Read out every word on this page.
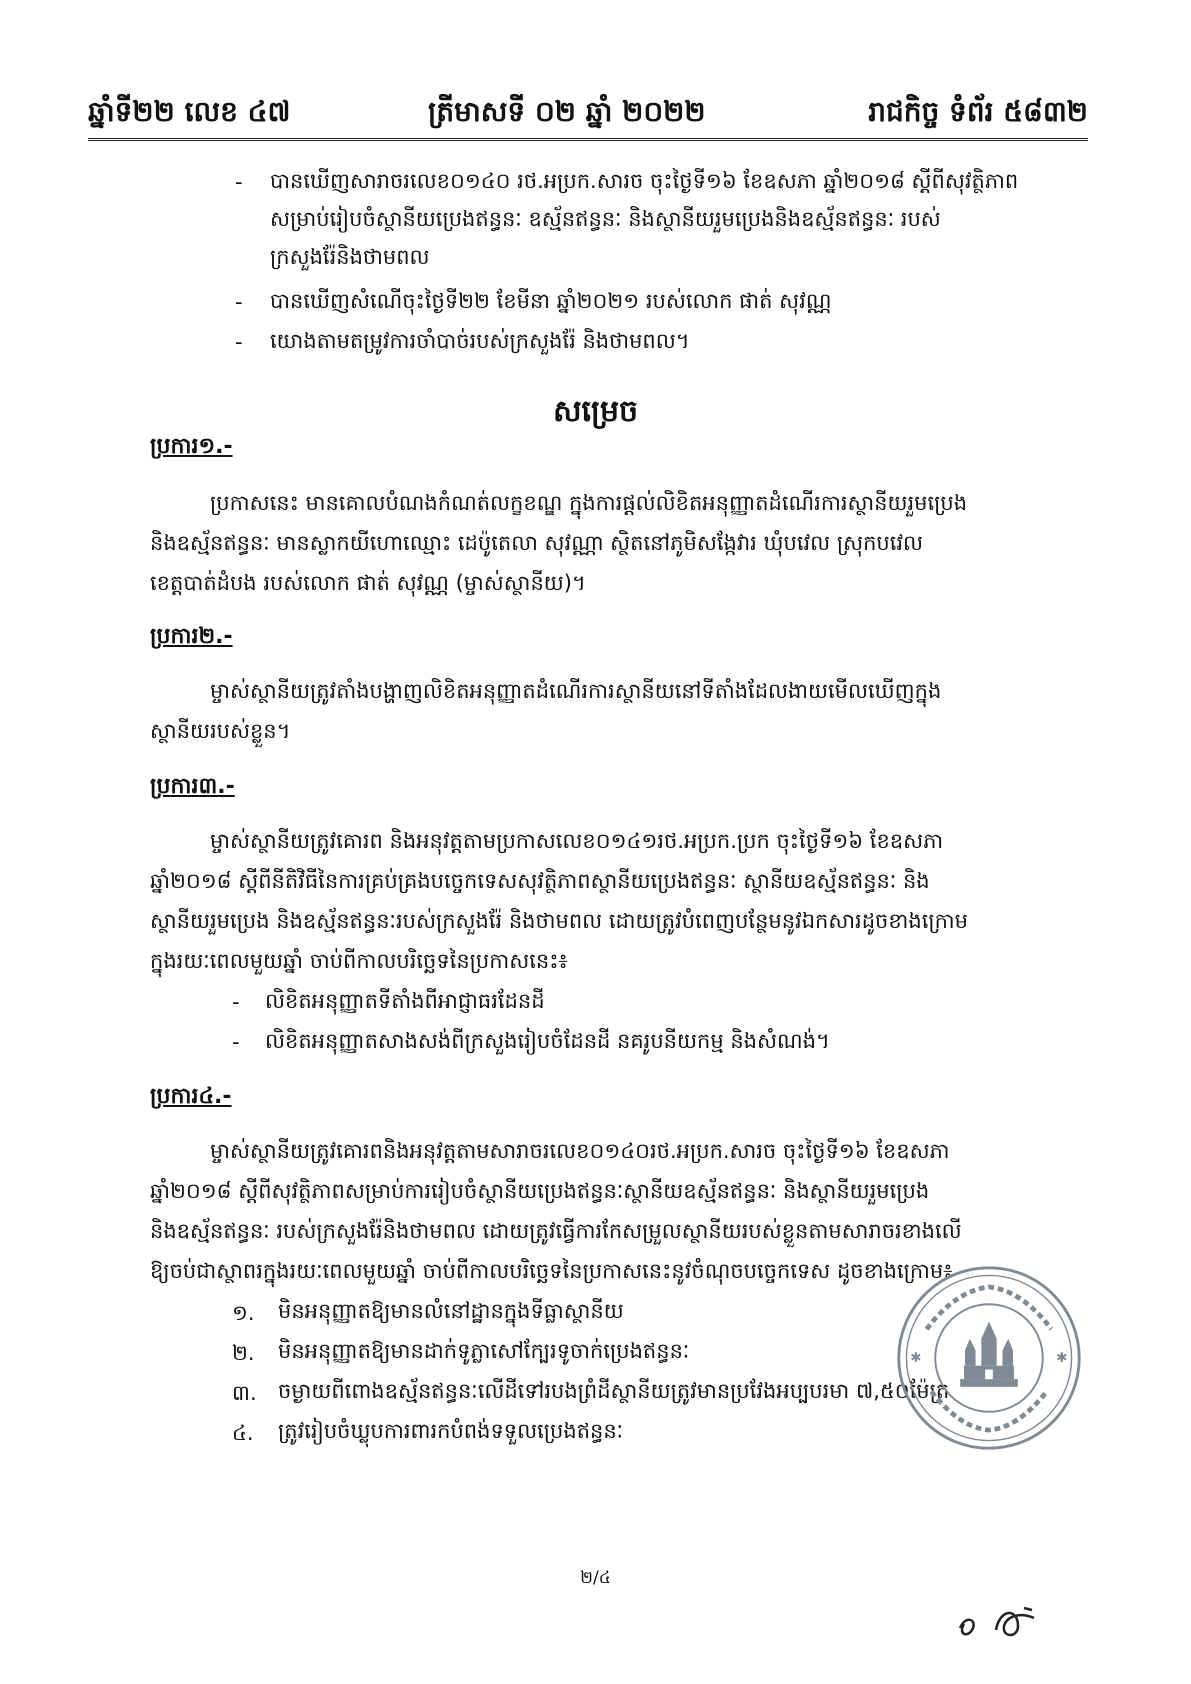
ឆ្នាំទី២២ លេខ ៤៧	ត្រីមាសទី ០២ ឆ្នាំ ២០២២	រាជកិច្ច ទំព័រ ៥៨៣២
- បានឃើញសារាចរលេខ០១៤០ រថ.អប្រក.សារច ចុះថ្ងៃទី១៦ ខែឧសភា ឆ្នាំ២០១៨ ស្តីពីសុវត្ថិភាព
សម្រាប់រៀបចំស្ថានីយប្រេងឥន្ធនៈ ឧស្ម័នឥន្ធនៈ និងស្ថានីយរួមប្រេងនិងឧស្ម័នឥន្ធនៈ របស់
ក្រសួងរ៉ែនិងថាមពល
- បានឃើញសំណើចុះថ្ងៃទី២២ ខែមីនា ឆ្នាំ២០២១ របស់លោក ផាត់ សុវណ្ណ
- យោងតាមតម្រូវការចាំបាច់របស់ក្រសួងរ៉ែ និងថាមពល។
សម្រេច
ប្រការ១.-
ប្រកាសនេះ មានគោលបំណងកំណត់លក្ខខណ្ឌ ក្នុងការផ្តល់លិខិតអនុញ្ញាតដំណើរការស្ថានីយរួមប្រេង
និងឧស្ម័នឥន្ធនៈ មានស្លាកយីហោឈ្មោះ ដេប៉ូតេលា សុវណ្ណា ស្ថិតនៅភូមិសង្កែវារ ឃុំបវេល ស្រុកបវេល
ខេត្តបាត់ដំបង របស់លោក ផាត់ សុវណ្ណ (ម្ចាស់ស្ថានីយ)។
ប្រការ២.-
ម្ចាស់ស្ថានីយត្រូវតាំងបង្ហាញលិខិតអនុញ្ញាតដំណើរការស្ថានីយនៅទីតាំងដែលងាយមើលឃើញក្នុង
ស្ថានីយរបស់ខ្លួន។
ប្រការ៣.-
ម្ចាស់ស្ថានីយត្រូវគោរព និងអនុវត្តតាមប្រកាសលេខ០១៤១រថ.អប្រក.ប្រក ចុះថ្ងៃទី១៦ ខែឧសភា
ឆ្នាំ២០១៨ ស្តីពីនីតិវិធីនៃការគ្រប់គ្រងបច្ចេកទេសសុវត្ថិភាពស្ថានីយប្រេងឥន្ធនៈ ស្ថានីយឧស្ម័នឥន្ធនៈ និង
ស្ថានីយរួមប្រេង និងឧស្ម័នឥន្ធនៈរបស់ក្រសួងរ៉ែ និងថាមពល ដោយត្រូវបំពេញបន្ថែមនូវឯកសារដូចខាងក្រោម
ក្នុងរយៈពេលមួយឆ្នាំ ចាប់ពីកាលបរិច្ឆេទនៃប្រកាសនេះ៖
- លិខិតអនុញ្ញាតទីតាំងពីអាជ្ញាធរដែនដី
- លិខិតអនុញ្ញាតសាងសង់ពីក្រសួងរៀបចំដែនដី នគរូបនីយកម្ម និងសំណង់។
ប្រការ៤.-
ម្ចាស់ស្ថានីយត្រូវគោរពនិងអនុវត្តតាមសារាចរលេខ០១៤០រថ.អប្រក.សារច ចុះថ្ងៃទី១៦ ខែឧសភា
ឆ្នាំ២០១៨ ស្តីពីសុវត្ថិភាពសម្រាប់ការរៀបចំស្ថានីយប្រេងឥន្ធនៈស្ថានីយឧស្ម័នឥន្ធនៈ និងស្ថានីយរួមប្រេង
និងឧស្ម័នឥន្ធនៈ របស់ក្រសួងរ៉ែនិងថាមពល ដោយត្រូវធ្វើការកែសម្រួលស្ថានីយរបស់ខ្លួនតាមសារាចរខាងលើ
ឱ្យចប់ជាស្ថាពរក្នុងរយៈពេលមួយឆ្នាំ ចាប់ពីកាលបរិច្ឆេទនៃប្រកាសនេះនូវចំណុចបច្ចេកទេស ដូចខាងក្រោម៖
១. មិនអនុញ្ញាតឱ្យមានលំនៅដ្ឋានក្នុងទីធ្លាស្ថានីយ
២. មិនអនុញ្ញាតឱ្យមានដាក់ទូភ្លាសៅក្បែរទូចាក់ប្រេងឥន្ធនៈ
៣. ចម្ងាយពីពោងឧស្ម័នឥន្ធនៈលើដីទៅរបងព្រំដីស្ថានីយត្រូវមានប្រវែងអប្បបរមា ៧,៥០ម៉ែត្រ
៤. ត្រូវរៀបចំឃ្លុបការពារកបំពង់ទទួលប្រេងឥន្ធនៈ
✱	✱
២/៤
